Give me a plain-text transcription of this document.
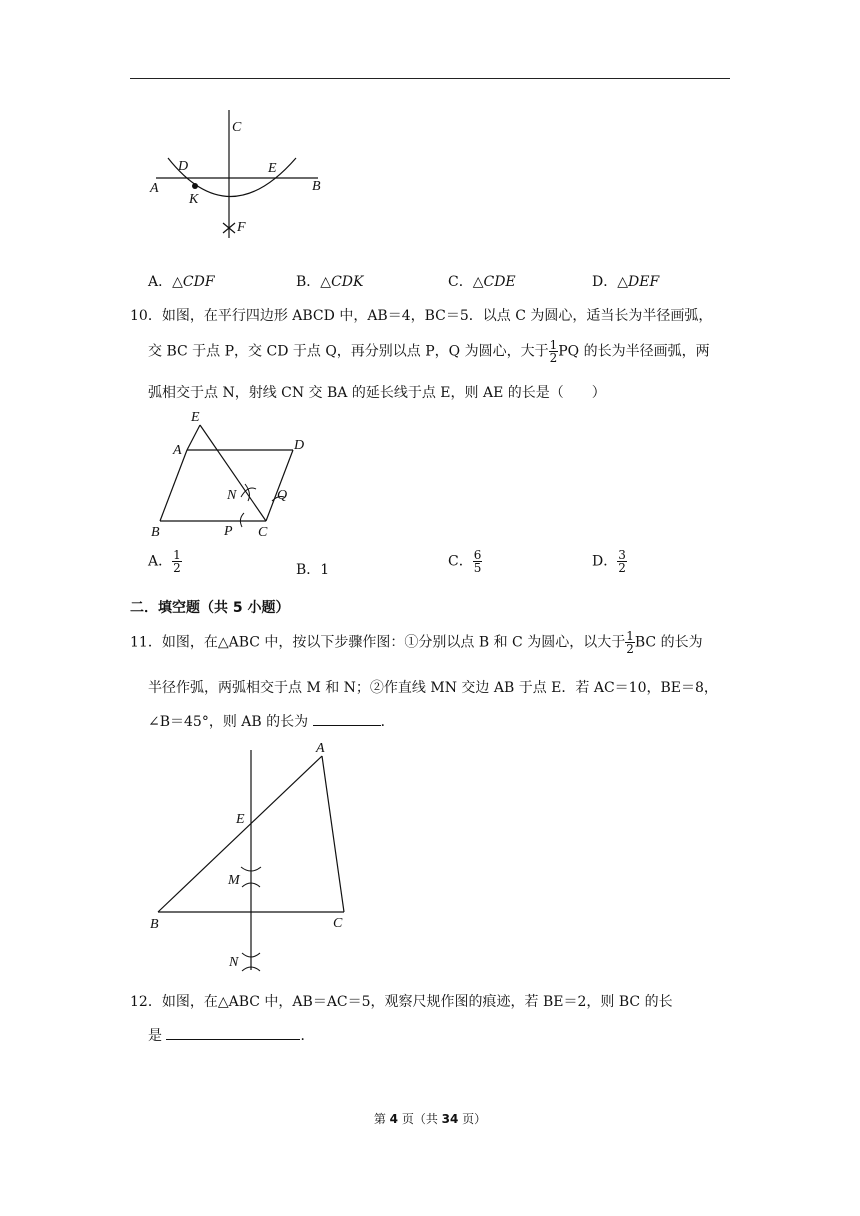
C
D	E
A	B
K
F
A．△CDF	B．△CDK	C．△CDE	D．△DEF
10．如图，在平行四边形 ABCD 中，AB＝4，BC＝5．以点 C 为圆心，适当长为半径画弧，
交 BC 于点 P，交 CD 于点 Q，再分别以点 P，Q 为圆心，大于 $\frac{1}{2}$ PQ 的长为半径画弧，两
弧相交于点 N，射线 CN 交 BA 的延长线于点 E，则 AE 的长是（　　）
E
A	D
N	Q
B	P C
A． $\frac{1}{2}$	B．1
C． $\frac{6}{5}$	D． $\frac{3}{2}$
二．填空题（共 5 小题）
11．如图，在△ABC 中，按以下步骤作图：①分别以点 B 和 C 为圆心，以大于 $\frac{1}{2}$ BC 的长为
半径作弧，两弧相交于点 M 和 N；②作直线 MN 交边 AB 于点 E．若 AC＝10，BE＝8，
∠B＝45°，则 AB 的长为	．
A
E
M
B	C
N
12．如图，在△ABC 中，AB＝AC＝5，观察尺规作图的痕迹，若 BE＝2，则 BC 的长
是	．
第 4 页（共 34 页）
